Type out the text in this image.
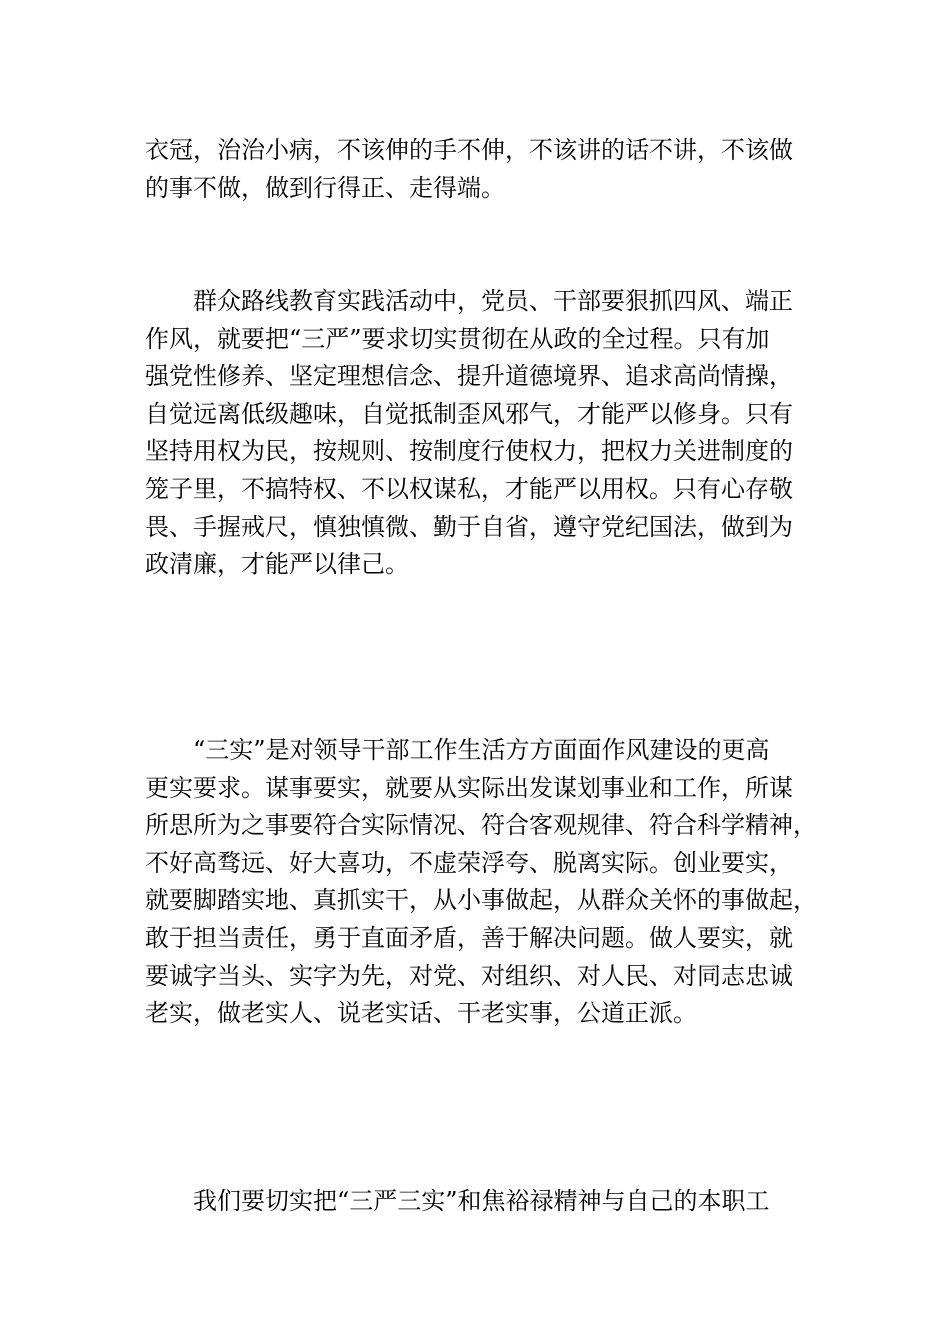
衣冠，治治小病，不该伸的手不伸，不该讲的话不讲，不该做
的事不做，做到行得正、走得端。
群众路线教育实践活动中，党员、干部要狠抓四风、端正
作风，就要把“三严”要求切实贯彻在从政的全过程。只有加
强党性修养、坚定理想信念、提升道德境界、追求高尚情操，
自觉远离低级趣味，自觉抵制歪风邪气，才能严以修身。只有
坚持用权为民，按规则、按制度行使权力，把权力关进制度的
笼子里，不搞特权、不以权谋私，才能严以用权。只有心存敬
畏、手握戒尺，慎独慎微、勤于自省，遵守党纪国法，做到为
政清廉，才能严以律己。
“三实”是对领导干部工作生活方方面面作风建设的更高
更实要求。谋事要实，就要从实际出发谋划事业和工作，所谋
所思所为之事要符合实际情况、符合客观规律、符合科学精神，
不好高骛远、好大喜功，不虚荣浮夸、脱离实际。创业要实，
就要脚踏实地、真抓实干，从小事做起，从群众关怀的事做起，
敢于担当责任，勇于直面矛盾，善于解决问题。做人要实，就
要诚字当头、实字为先，对党、对组织、对人民、对同志忠诚
老实，做老实人、说老实话、干老实事，公道正派。
我们要切实把“三严三实”和焦裕禄精神与自己的本职工
